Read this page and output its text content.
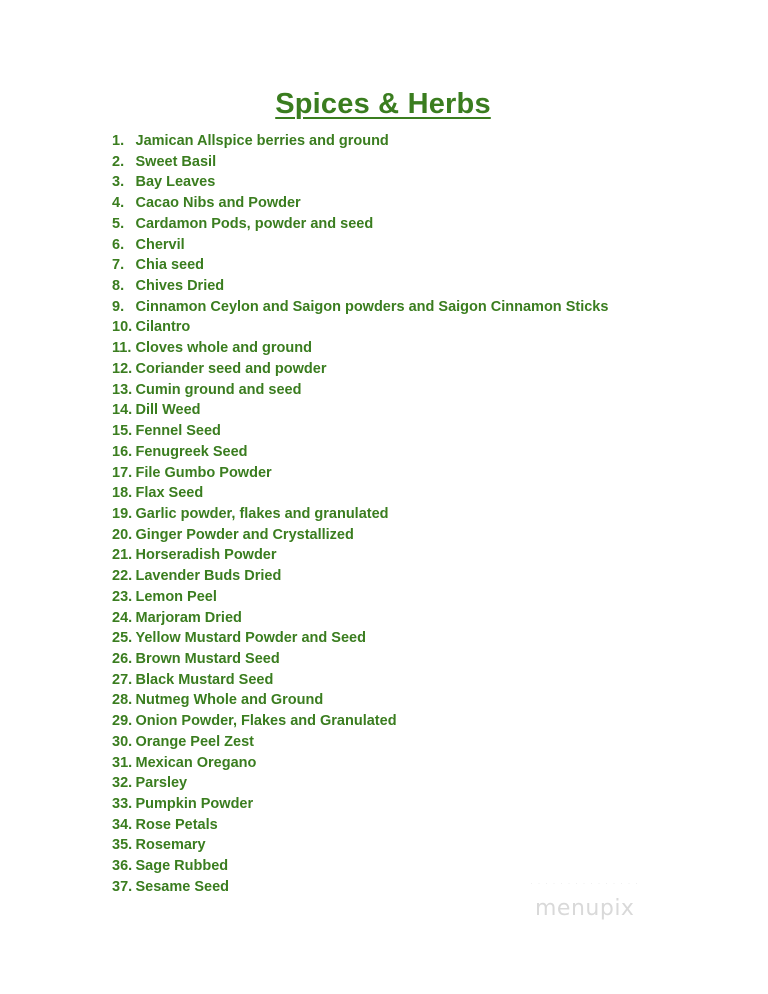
Spices & Herbs
1. Jamican Allspice berries and ground
2. Sweet Basil
3. Bay Leaves
4. Cacao Nibs and Powder
5. Cardamon Pods, powder and seed
6. Chervil
7. Chia seed
8. Chives Dried
9. Cinnamon Ceylon and Saigon powders and Saigon Cinnamon Sticks
10. Cilantro
11. Cloves whole and ground
12. Coriander seed and powder
13. Cumin ground and seed
14. Dill Weed
15. Fennel Seed
16. Fenugreek Seed
17. File Gumbo Powder
18. Flax Seed
19. Garlic powder, flakes and granulated
20. Ginger Powder and Crystallized
21. Horseradish Powder
22. Lavender Buds Dried
23. Lemon Peel
24. Marjoram Dried
25. Yellow Mustard Powder and Seed
26. Brown Mustard Seed
27. Black Mustard Seed
28. Nutmeg Whole and Ground
29. Onion Powder, Flakes and Granulated
30. Orange Peel Zest
31. Mexican Oregano
32. Parsley
33. Pumpkin Powder
34. Rose Petals
35. Rosemary
36. Sage Rubbed
37. Sesame Seed	· · · · · · · · · · · · · · ·
menupix
